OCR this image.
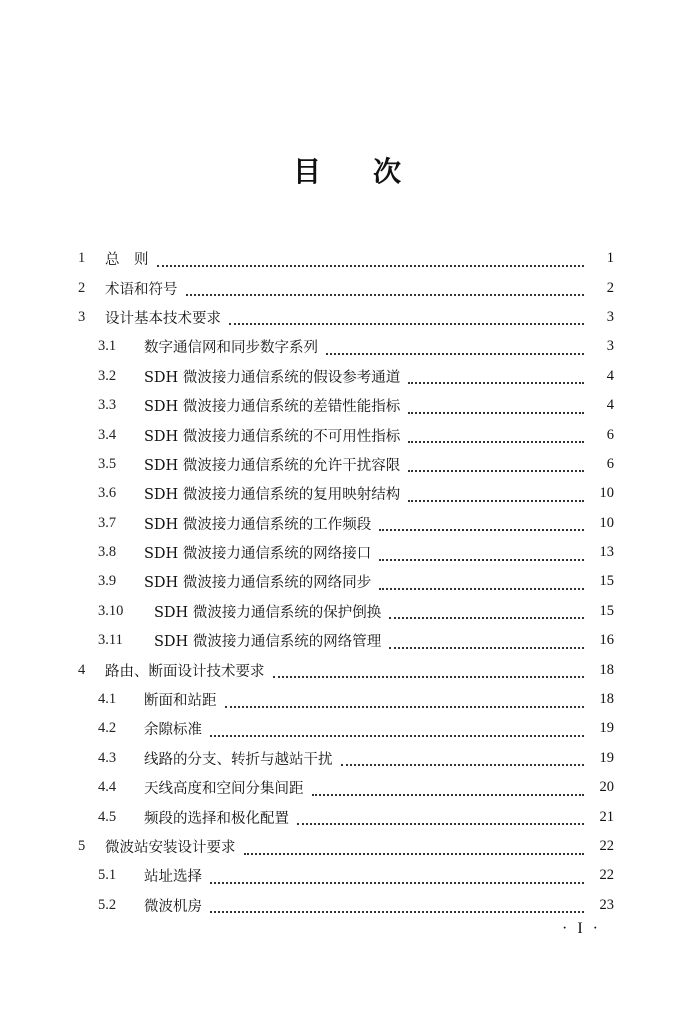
目 次
1	总　则	1
2	术语和符号	2
3	设计基本技术要求	3
3.1	数字通信网和同步数字系列	3
3.2	SDH 微波接力通信系统的假设参考通道	4
3.3	SDH 微波接力通信系统的差错性能指标	4
3.4	SDH 微波接力通信系统的不可用性指标	6
3.5	SDH 微波接力通信系统的允许干扰容限	6
3.6	SDH 微波接力通信系统的复用映射结构	10
3.7	SDH 微波接力通信系统的工作频段	10
3.8	SDH 微波接力通信系统的网络接口	13
3.9	SDH 微波接力通信系统的网络同步	15
3.10	SDH 微波接力通信系统的保护倒换	15
3.11	SDH 微波接力通信系统的网络管理	16
4	路由、断面设计技术要求	18
4.1	断面和站距	18
4.2	余隙标准	19
4.3	线路的分支、转折与越站干扰	19
4.4	天线高度和空间分集间距	20
4.5	频段的选择和极化配置	21
5	微波站安装设计要求	22
5.1	站址选择	22
5.2	微波机房	23
· I ·
